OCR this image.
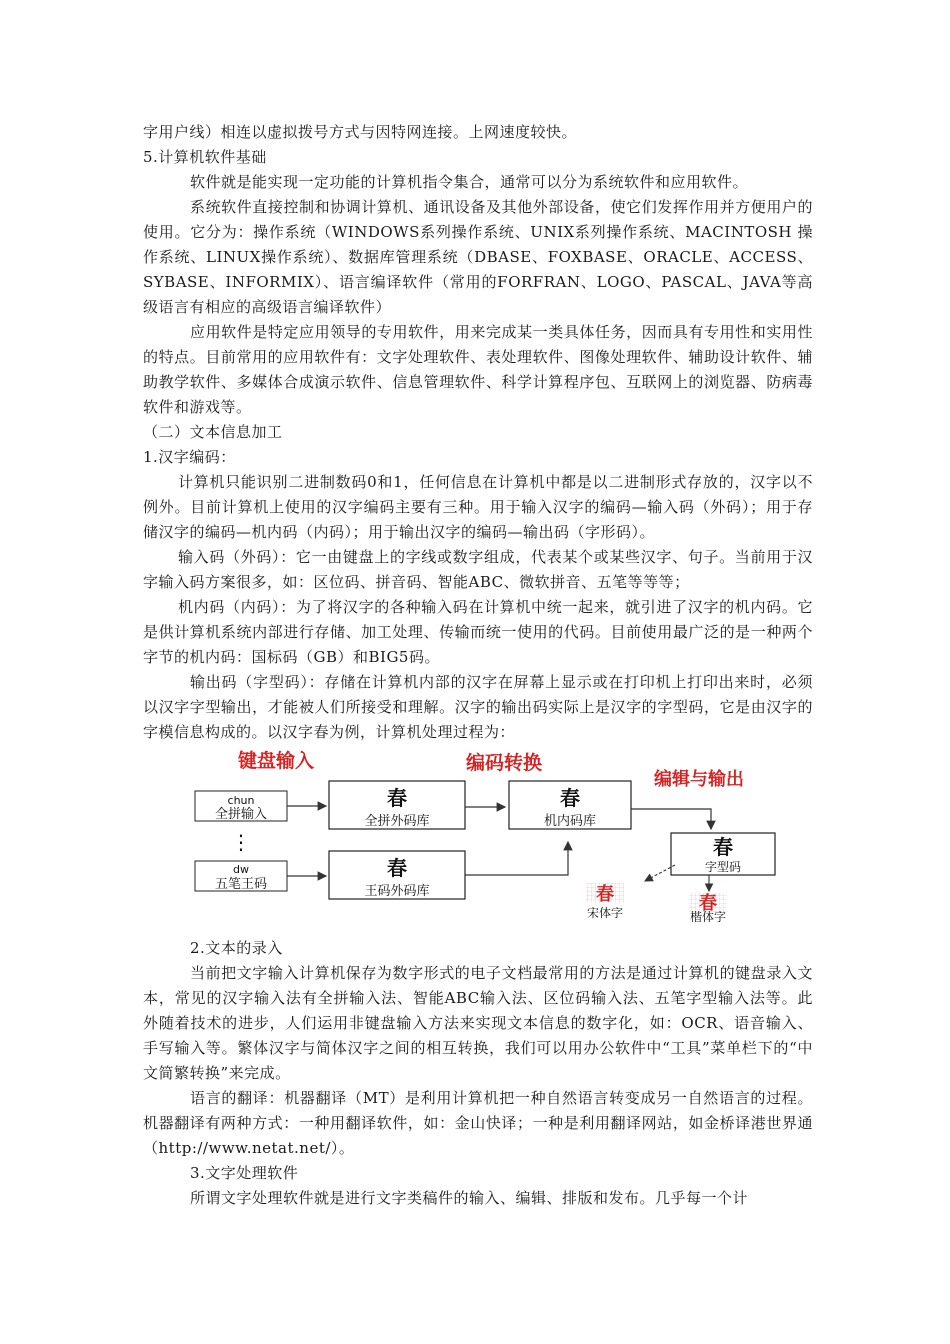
字用户线）相连以虚拟拨号方式与因特网连接。上网速度较快。

5.计算机软件基础

软件就是能实现一定功能的计算机指令集合，通常可以分为系统软件和应用软件。

系统软件直接控制和协调计算机、通讯设备及其他外部设备，使它们发挥作用并方便用户的使用。它分为：操作系统（WINDOWS系列操作系统、UNIX系列操作系统、MACINTOSH 操作系统、LINUX操作系统）、数据库管理系统（DBASE、FOXBASE、ORACLE、ACCESS、SYBASE、INFORMIX）、语言编译软件（常用的FORFRAN、LOGO、PASCAL、JAVA等高级语言有相应的高级语言编译软件）

应用软件是特定应用领导的专用软件，用来完成某一类具体任务，因而具有专用性和实用性的特点。目前常用的应用软件有：文字处理软件、表处理软件、图像处理软件、辅助设计软件、辅助教学软件、多媒体合成演示软件、信息管理软件、科学计算程序包、互联网上的浏览器、防病毒软件和游戏等。

（二）文本信息加工

1.汉字编码：

计算机只能识别二进制数码0和1，任何信息在计算机中都是以二进制形式存放的，汉字以不例外。目前计算机上使用的汉字编码主要有三种。用于输入汉字的编码—输入码（外码）；用于存储汉字的编码—机内码（内码）；用于输出汉字的编码—输出码（字形码）。

输入码（外码）：它一由键盘上的字线或数字组成，代表某个或某些汉字、句子。当前用于汉字输入码方案很多，如：区位码、拼音码、智能ABC、微软拼音、五笔等等等；

机内码（内码）：为了将汉字的各种输入码在计算机中统一起来，就引进了汉字的机内码。它是供计算机系统内部进行存储、加工处理、传输而统一使用的代码。目前使用最广泛的是一种两个字节的机内码：国标码（GB）和BIG5码。

输出码（字型码）：存储在计算机内部的汉字在屏幕上显示或在打印机上打印出来时，必须以汉字字型输出，才能被人们所接受和理解。汉字的输出码实际上是汉字的字型码，它是由汉字的字模信息构成的。以汉字春为例，计算机处理过程为：

键盘输入	编码转换
编辑与输出
chun
全拼输入
⋮
dw
五笔王码
春
全拼外码库
春
王码外码库
春
机内码库
春
字型码
春
宋体字	春
楷体字

2.文本的录入

当前把文字输入计算机保存为数字形式的电子文档最常用的方法是通过计算机的键盘录入文本，常见的汉字输入法有全拼输入法、智能ABC输入法、区位码输入法、五笔字型输入法等。此外随着技术的进步，人们运用非键盘输入方法来实现文本信息的数字化，如：OCR、语音输入、手写输入等。繁体汉字与简体汉字之间的相互转换，我们可以用办公软件中“工具”菜单栏下的“中文简繁转换”来完成。

语言的翻译：机器翻译（MT）是利用计算机把一种自然语言转变成另一自然语言的过程。机器翻译有两种方式：一种用翻译软件，如：金山快译；一种是利用翻译网站，如金桥译港世界通（http://www.netat.net/）。

3.文字处理软件

所谓文字处理软件就是进行文字类稿件的输入、编辑、排版和发布。几乎每一个计
